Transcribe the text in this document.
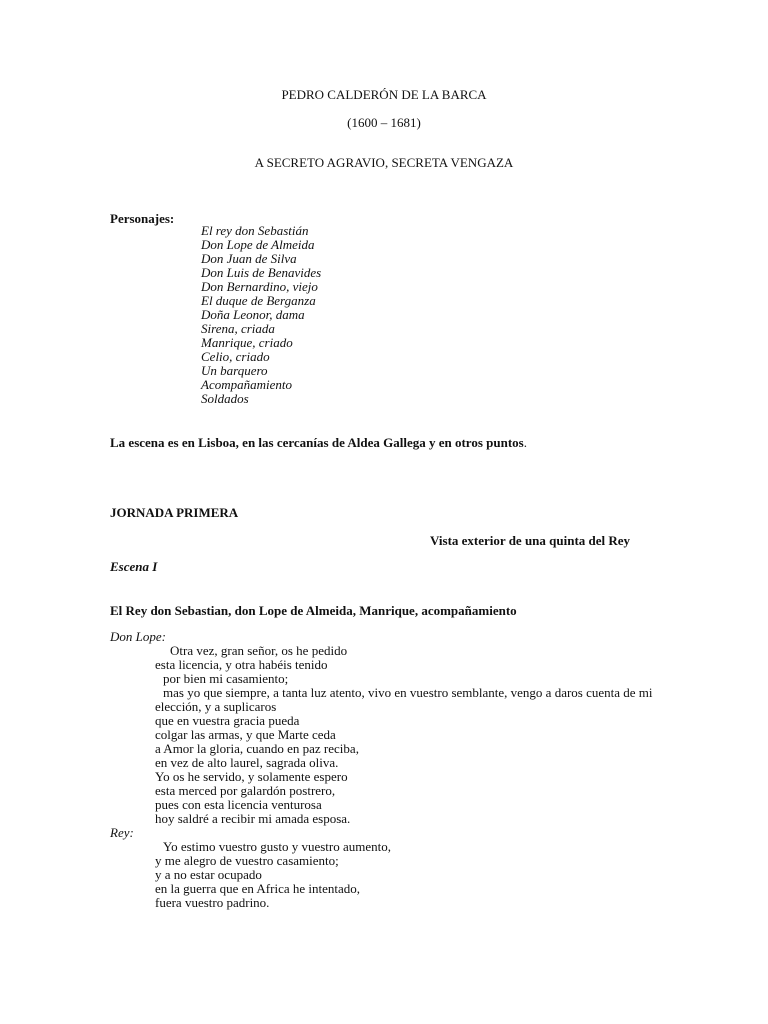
PEDRO CALDERÓN DE LA BARCA
(1600 – 1681)
A SECRETO AGRAVIO, SECRETA VENGAZA
Personajes:
El rey don Sebastián
Don Lope de Almeida
Don Juan de Silva
Don Luis de Benavides
Don Bernardino, viejo
El duque de Berganza
Doña Leonor, dama
Sirena, criada
Manrique, criado
Celio, criado
Un barquero
Acompañamiento
Soldados
La escena es en Lisboa, en las cercanías de Aldea Gallega y en otros puntos.
JORNADA PRIMERA
Vista exterior de una quinta del Rey
Escena I
El Rey don Sebastian, don Lope de Almeida, Manrique, acompañamiento
Don Lope:
Otra vez, gran señor, os he pedido
esta licencia, y otra habéis tenido
por bien mi casamiento;
mas yo que siempre, a tanta luz atento, vivo en vuestro semblante, vengo a daros cuenta de mi
elección, y a suplicaros
que en vuestra gracia pueda
colgar las armas, y que Marte ceda
a Amor la gloria, cuando en paz reciba,
en vez de alto laurel, sagrada oliva.
Yo os he servido, y solamente espero
esta merced por galardón postrero,
pues con esta licencia venturosa
hoy saldré a recibir mi amada esposa.
Rey:
Yo estimo vuestro gusto y vuestro aumento,
y me alegro de vuestro casamiento;
y a no estar ocupado
en la guerra que en Africa he intentado,
fuera vuestro padrino.
